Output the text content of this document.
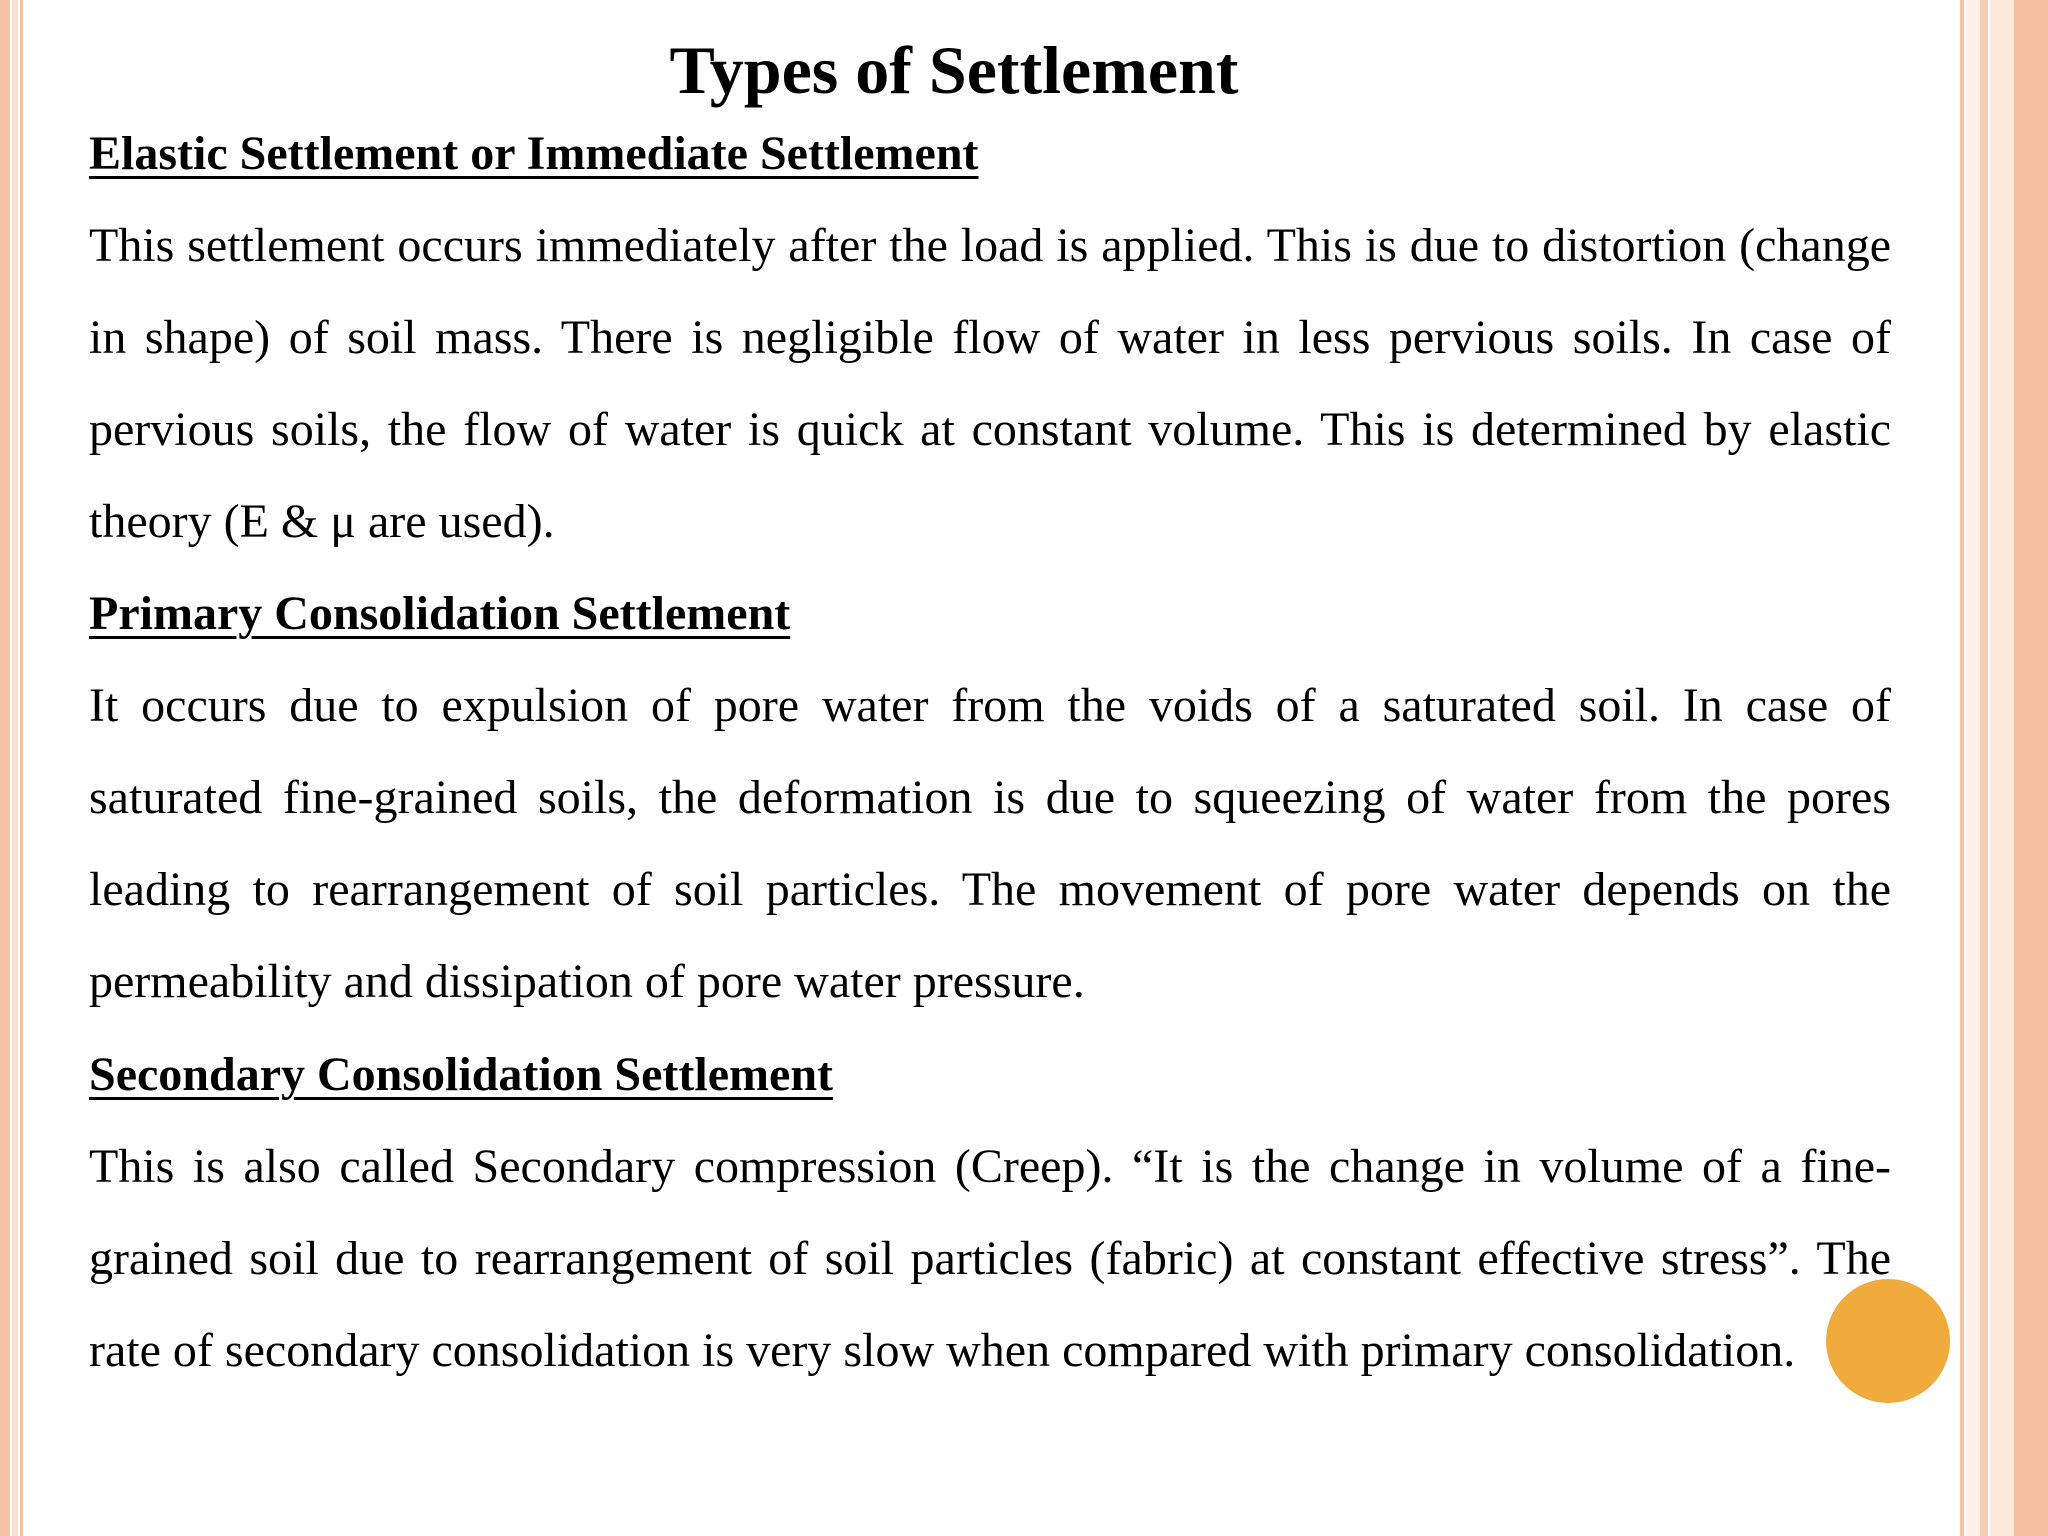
Types of Settlement
Elastic Settlement or Immediate Settlement

This settlement occurs immediately after the load is applied. This is due to distortion (change in shape) of soil mass. There is negligible flow of water in less pervious soils. In case of pervious soils, the flow of water is quick at constant volume. This is determined by elastic theory (E & μ are used).

Primary Consolidation Settlement

It occurs due to expulsion of pore water from the voids of a saturated soil. In case of saturated fine-grained soils, the deformation is due to squeezing of water from the pores leading to rearrangement of soil particles. The movement of pore water depends on the permeability and dissipation of pore water pressure.

Secondary Consolidation Settlement

This is also called Secondary compression (Creep). “It is the change in volume of a fine-grained soil due to rearrangement of soil particles (fabric) at constant effective stress”. The rate of secondary consolidation is very slow when compared with primary consolidation.
